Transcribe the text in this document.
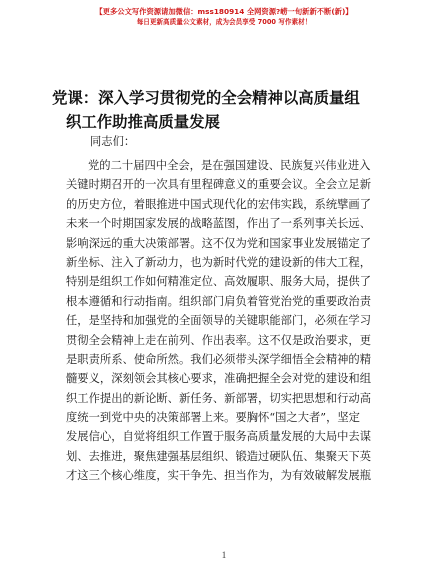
【更多公文写作资源请加微信：mss180914 全网资源?崂一旬新新不断(新)】
每日更新高质量公文素材，成为会员享受 7000 写作素材！
党课：深入学习贯彻党的全会精神以高质量组
织工作助推高质量发展
同志们：
党的二十届四中全会，是在强国建设、民族复兴伟业进入
关键时期召开的一次具有里程碑意义的重要会议。全会立足新
的历史方位，着眼推进中国式现代化的宏伟实践，系统擘画了
未来一个时期国家发展的战略蓝图，作出了一系列事关长远、
影响深远的重大决策部署。这不仅为党和国家事业发展锚定了
新坐标、注入了新动力，也为新时代党的建设新的伟大工程，
特别是组织工作如何精准定位、高效履职、服务大局，提供了
根本遵循和行动指南。组织部门肩负着管党治党的重要政治责
任，是坚持和加强党的全面领导的关键职能部门，必须在学习
贯彻全会精神上走在前列、作出表率。这不仅是政治要求，更
是职责所系、使命所然。我们必须带头深学细悟全会精神的精
髓要义，深刻领会其核心要求，准确把握全会对党的建设和组
织工作提出的新论断、新任务、新部署，切实把思想和行动高
度统一到党中央的决策部署上来。要胸怀“国之大者”，坚定
发展信心，自觉将组织工作置于服务高质量发展的大局中去谋
划、去推进，聚焦建强基层组织、锻造过硬队伍、集聚天下英
才这三个核心维度，实干争先、担当作为，为有效破解发展瓶
1
